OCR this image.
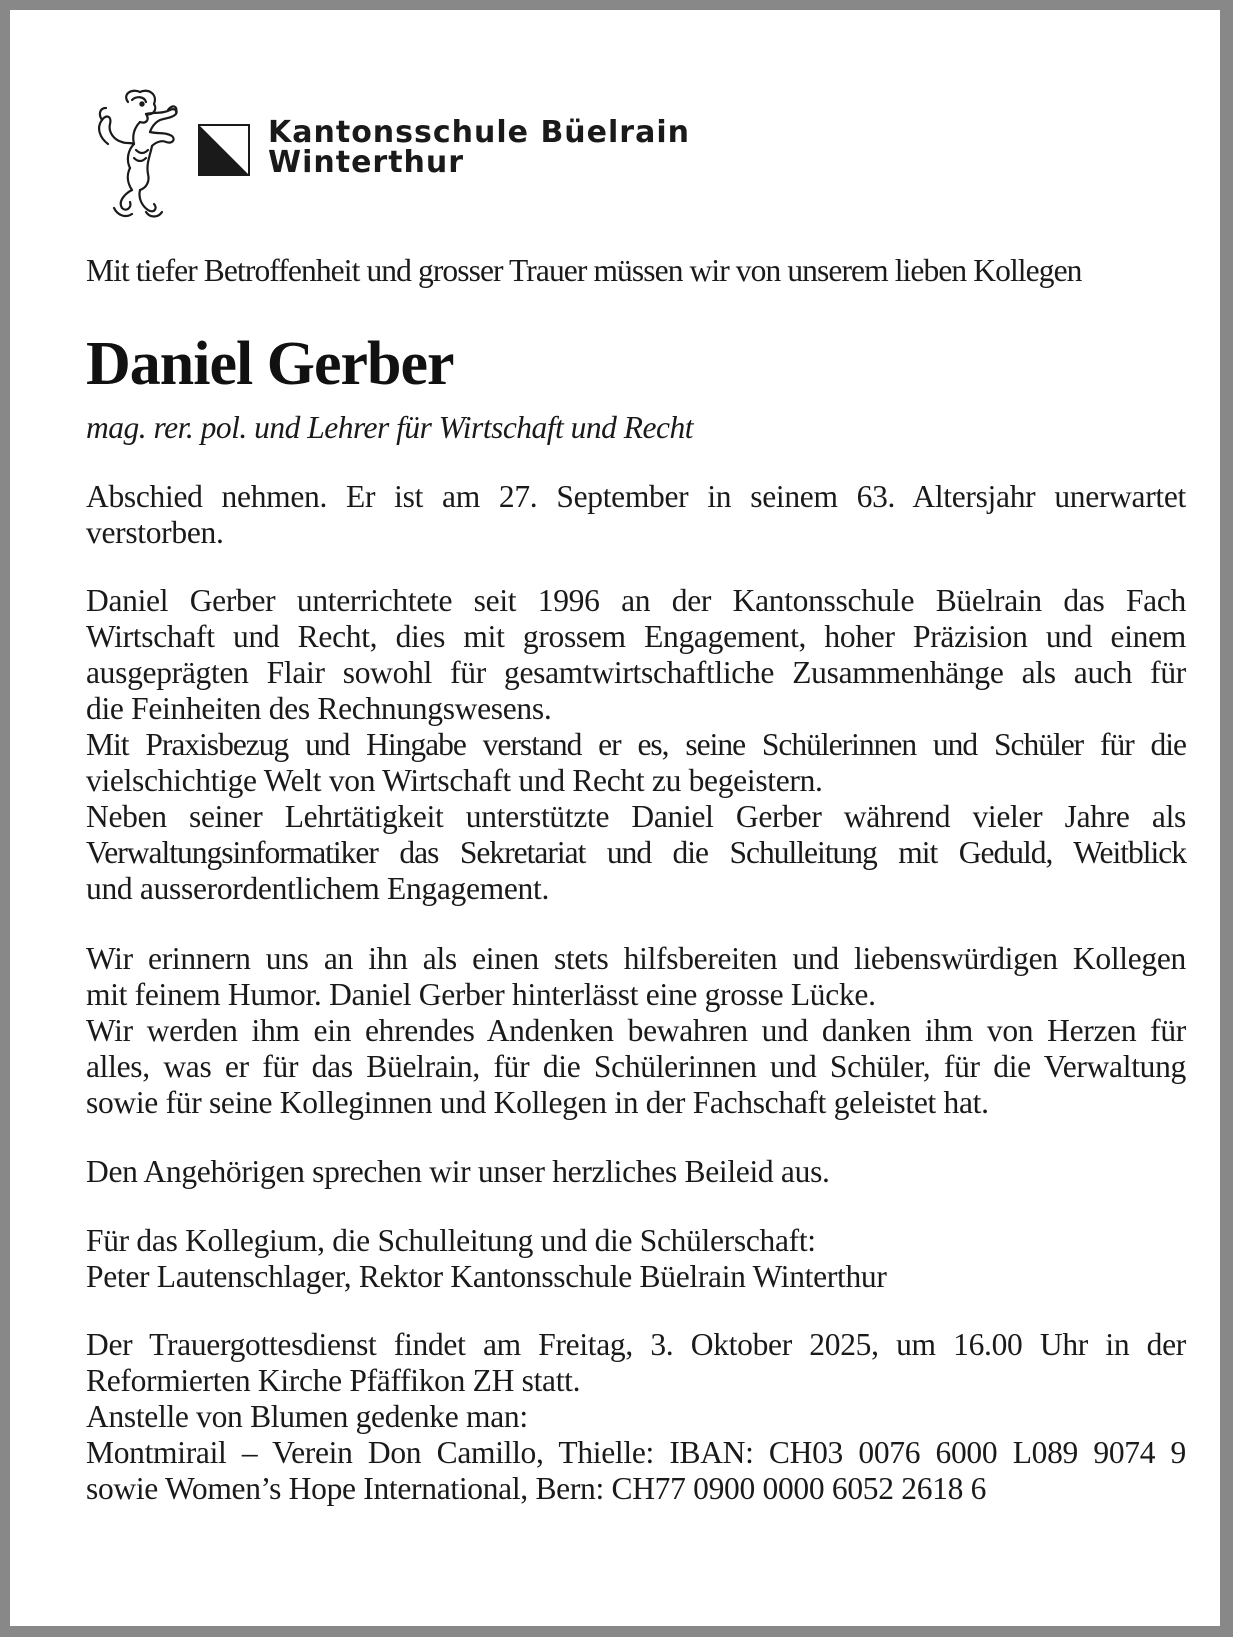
Kantonsschule Büelrain
Winterthur
Mit tiefer Betroffenheit und grosser Trauer müssen wir von unserem lieben Kollegen
Daniel Gerber
mag. rer. pol. und Lehrer für Wirtschaft und Recht
Abschied nehmen. Er ist am 27. September in seinem 63. Altersjahr unerwartet
verstorben.
Daniel Gerber unterrichtete seit 1996 an der Kantonsschule Büelrain das Fach
Wirtschaft und Recht, dies mit grossem Engagement, hoher Präzision und einem
ausgeprägten Flair sowohl für gesamtwirtschaftliche Zusammenhänge als auch für
die Feinheiten des Rechnungswesens.
Mit Praxisbezug und Hingabe verstand er es, seine Schülerinnen und Schüler für die
vielschichtige Welt von Wirtschaft und Recht zu begeistern.
Neben seiner Lehrtätigkeit unterstützte Daniel Gerber während vieler Jahre als
Verwaltungsinformatiker das Sekretariat und die Schulleitung mit Geduld, Weitblick
und ausserordentlichem Engagement.
Wir erinnern uns an ihn als einen stets hilfsbereiten und liebenswürdigen Kollegen
mit feinem Humor. Daniel Gerber hinterlässt eine grosse Lücke.
Wir werden ihm ein ehrendes Andenken bewahren und danken ihm von Herzen für
alles, was er für das Büelrain, für die Schülerinnen und Schüler, für die Verwaltung
sowie für seine Kolleginnen und Kollegen in der Fachschaft geleistet hat.
Den Angehörigen sprechen wir unser herzliches Beileid aus.
Für das Kollegium, die Schulleitung und die Schülerschaft:
Peter Lautenschlager, Rektor Kantonsschule Büelrain Winterthur
Der Trauergottesdienst findet am Freitag, 3. Oktober 2025, um 16.00 Uhr in der
Reformierten Kirche Pfäffikon ZH statt.
Anstelle von Blumen gedenke man:
Montmirail – Verein Don Camillo, Thielle: IBAN: CH03 0076 6000 L089 9074 9
sowie Women’s Hope International, Bern: CH77 0900 0000 6052 2618 6
